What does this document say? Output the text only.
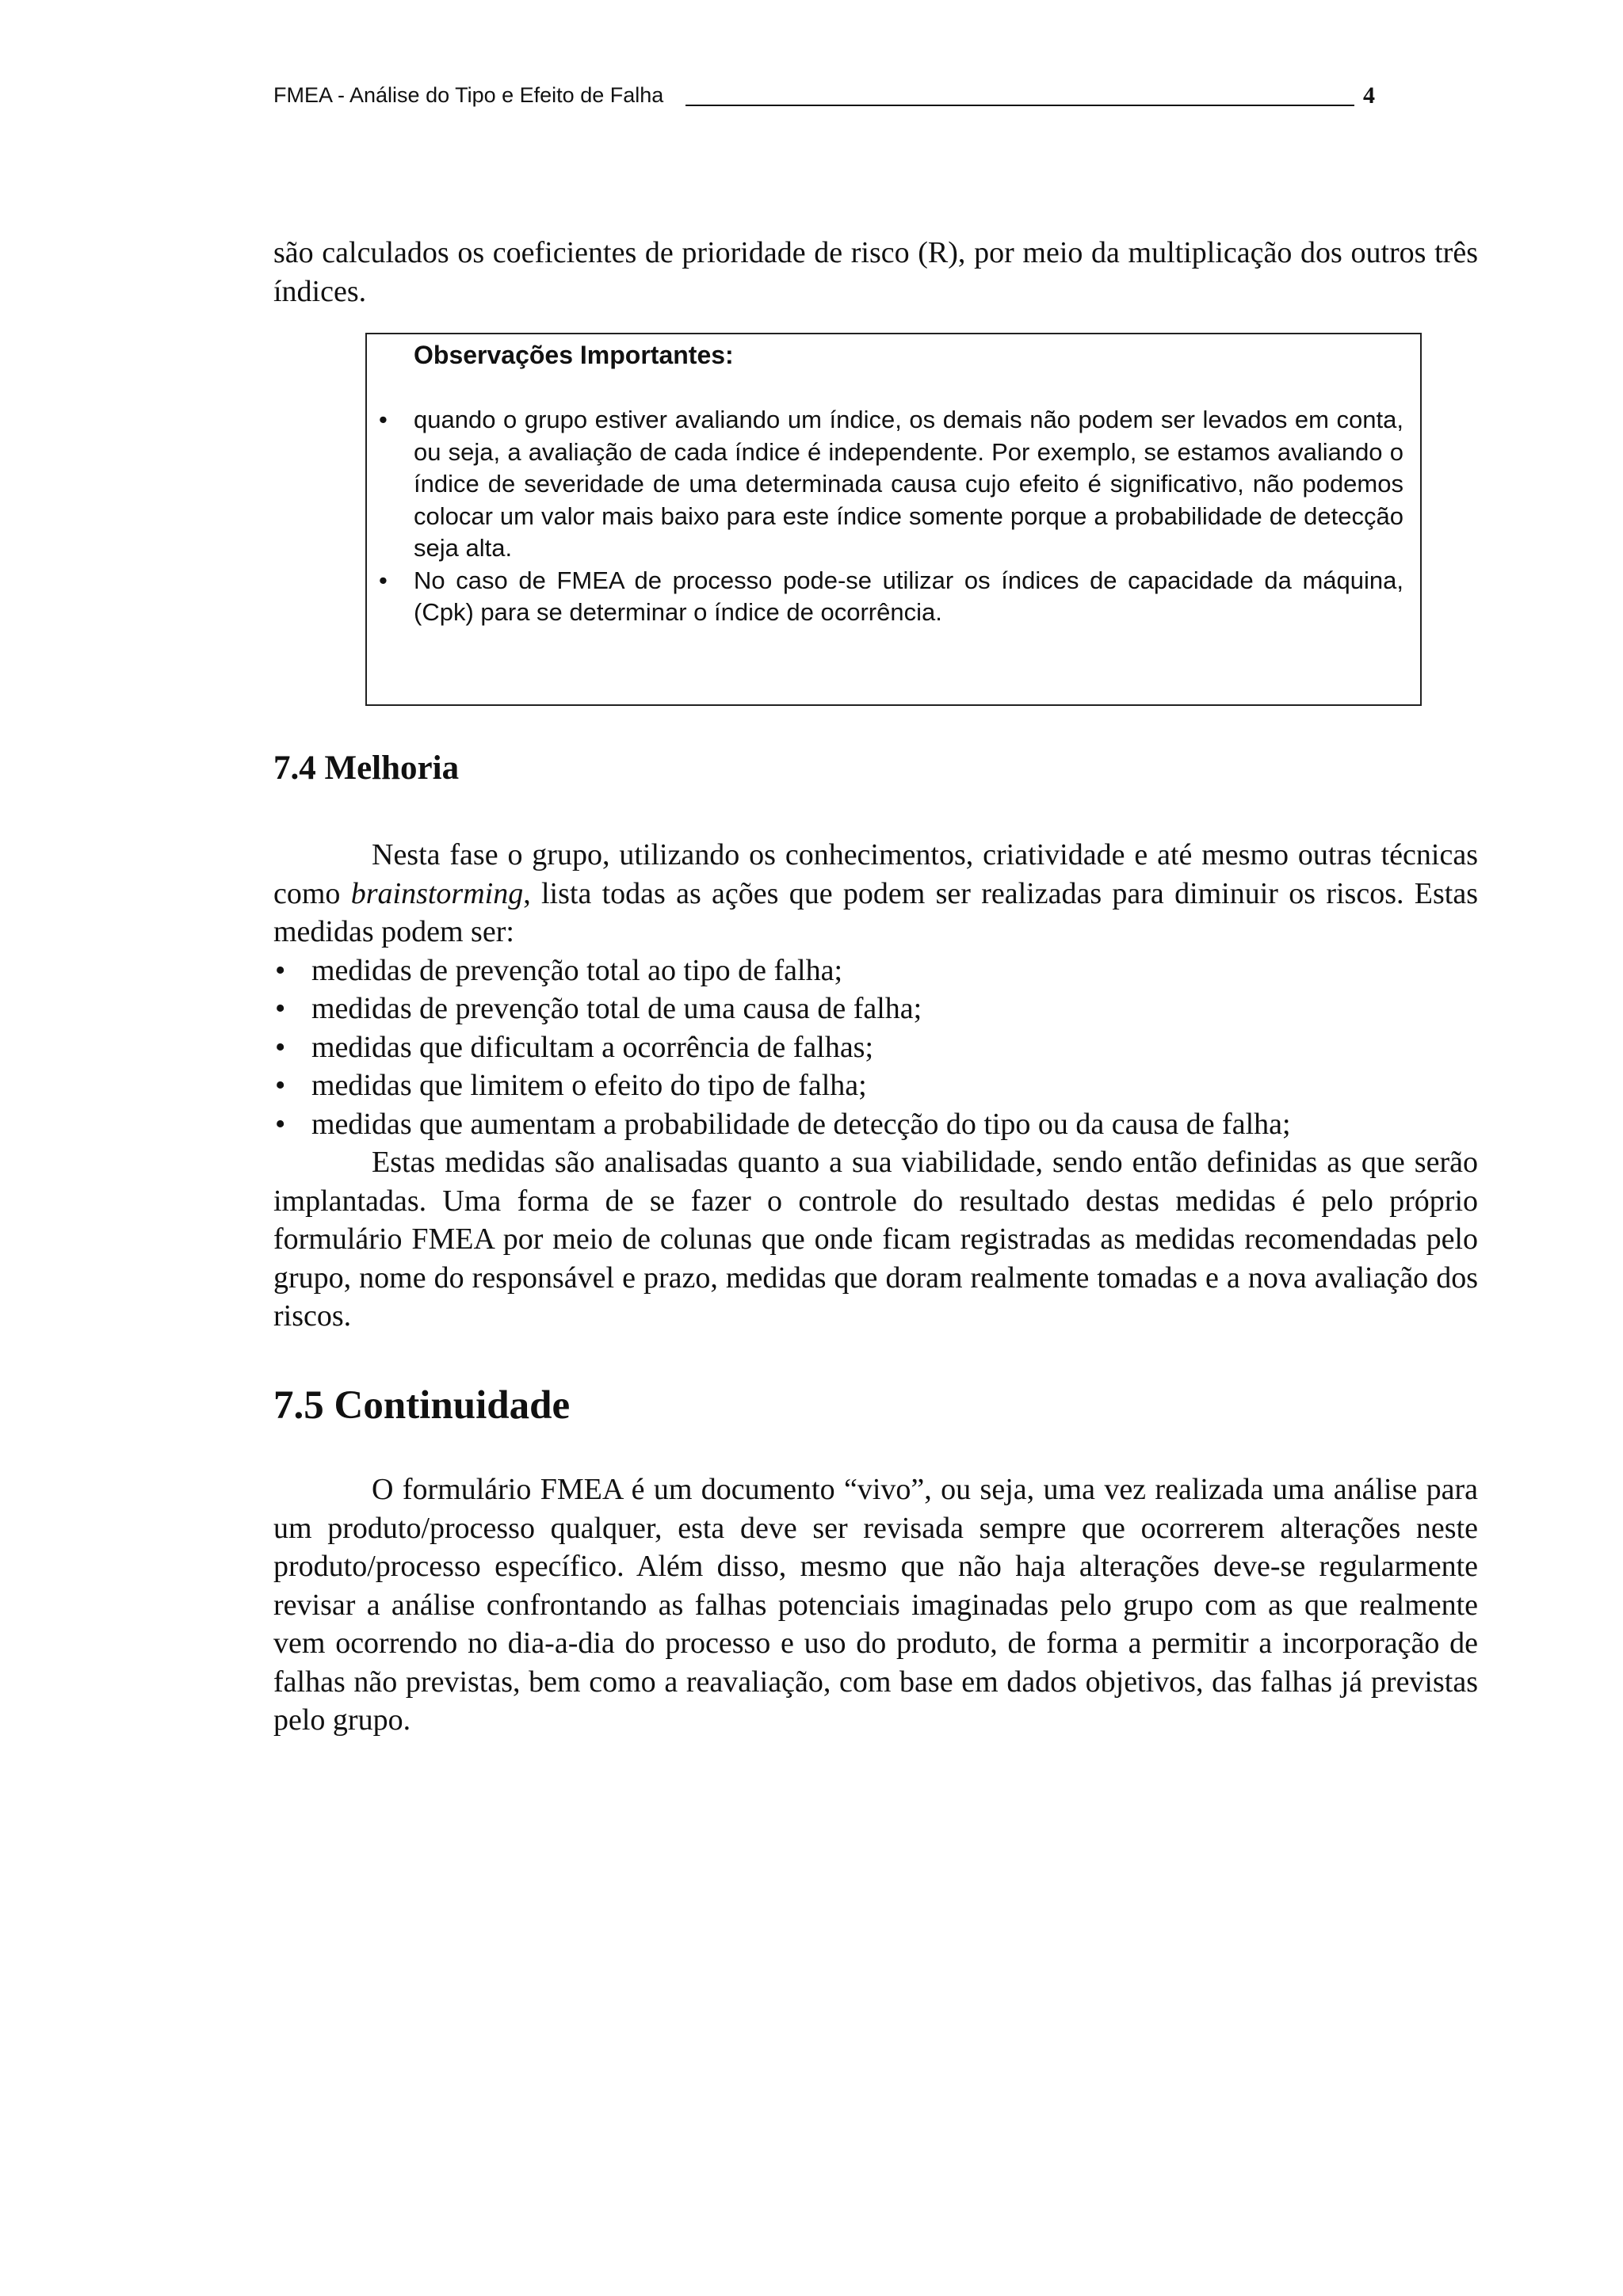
FMEA - Análise do Tipo e Efeito de Falha	4

são calculados os coeficientes de prioridade de risco (R), por meio da multiplicação dos outros três índices.

Observações Importantes:
• quando o grupo estiver avaliando um índice, os demais não podem ser levados em conta, ou seja, a avaliação de cada índice é independente. Por exemplo, se estamos avaliando o índice de severidade de uma determinada causa cujo efeito é significativo, não podemos colocar um valor mais baixo para este índice somente porque a probabilidade de detecção seja alta.
• No caso de FMEA de processo pode-se utilizar os índices de capacidade da máquina, (Cpk) para se determinar o índice de ocorrência.
7.4 Melhoria

Nesta fase o grupo, utilizando os conhecimentos, criatividade e até mesmo outras técnicas como brainstorming, lista todas as ações que podem ser realizadas para diminuir os riscos. Estas medidas podem ser:

• medidas de prevenção total ao tipo de falha;
• medidas de prevenção total de uma causa de falha;
• medidas que dificultam a ocorrência de falhas;
• medidas que limitem o efeito do tipo de falha;
• medidas que aumentam a probabilidade de detecção do tipo ou da causa de falha;

Estas medidas são analisadas quanto a sua viabilidade, sendo então definidas as que serão implantadas. Uma forma de se fazer o controle do resultado destas medidas é pelo próprio formulário FMEA por meio de colunas que onde ficam registradas as medidas recomendadas pelo grupo, nome do responsável e prazo, medidas que doram realmente tomadas e a nova avaliação dos riscos.

7.5 Continuidade

O formulário FMEA é um documento “vivo”, ou seja, uma vez realizada uma análise para um produto/processo qualquer, esta deve ser revisada sempre que ocorrerem alterações neste produto/processo específico. Além disso, mesmo que não haja alterações deve-se regularmente revisar a análise confrontando as falhas potenciais imaginadas pelo grupo com as que realmente vem ocorrendo no dia-a-dia do processo e uso do produto, de forma a permitir a incorporação de falhas não previstas, bem como a reavaliação, com base em dados objetivos, das falhas já previstas pelo grupo.
